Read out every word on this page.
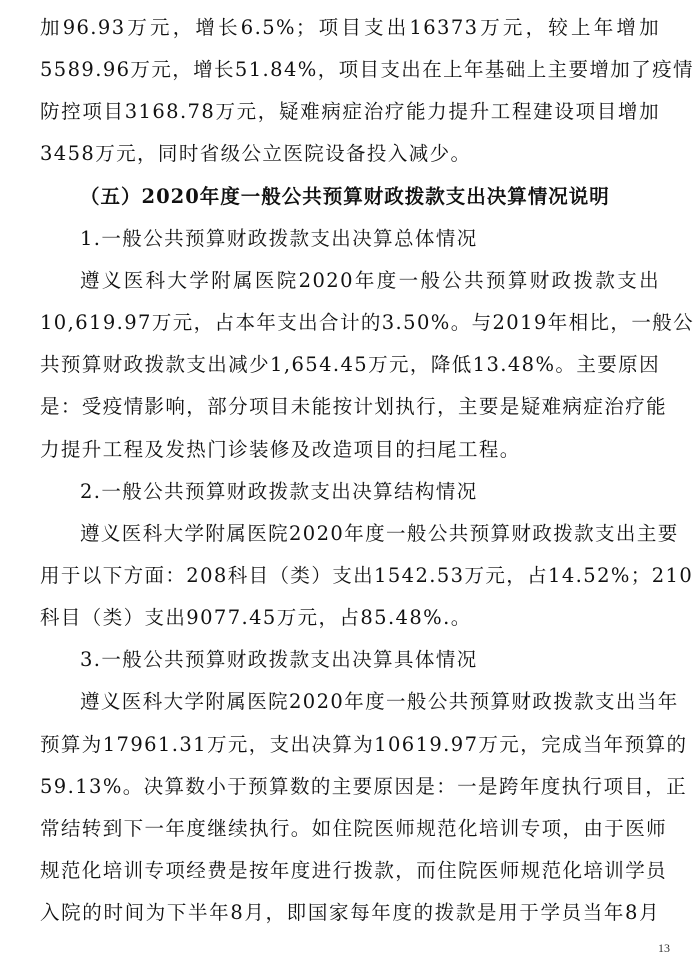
加96.93万元，增长6.5%；项目支出16373万元，较上年增加
5589.96万元，增长51.84%，项目支出在上年基础上主要增加了疫情
防控项目3168.78万元，疑难病症治疗能力提升工程建设项目增加
3458万元，同时省级公立医院设备投入减少。
（五）2020年度一般公共预算财政拨款支出决算情况说明
1.一般公共预算财政拨款支出决算总体情况
遵义医科大学附属医院2020年度一般公共预算财政拨款支出
10,619.97万元，占本年支出合计的3.50%。与2019年相比，一般公
共预算财政拨款支出减少1,654.45万元，降低13.48%。主要原因
是：受疫情影响，部分项目未能按计划执行，主要是疑难病症治疗能
力提升工程及发热门诊装修及改造项目的扫尾工程。
2.一般公共预算财政拨款支出决算结构情况
遵义医科大学附属医院2020年度一般公共预算财政拨款支出主要
用于以下方面：208科目（类）支出1542.53万元，占14.52%；210
科目（类）支出9077.45万元，占85.48%.。
3.一般公共预算财政拨款支出决算具体情况
遵义医科大学附属医院2020年度一般公共预算财政拨款支出当年
预算为17961.31万元，支出决算为10619.97万元，完成当年预算的
59.13%。决算数小于预算数的主要原因是：一是跨年度执行项目，正
常结转到下一年度继续执行。如住院医师规范化培训专项，由于医师
规范化培训专项经费是按年度进行拨款，而住院医师规范化培训学员
入院的时间为下半年8月，即国家每年度的拨款是用于学员当年8月
13
